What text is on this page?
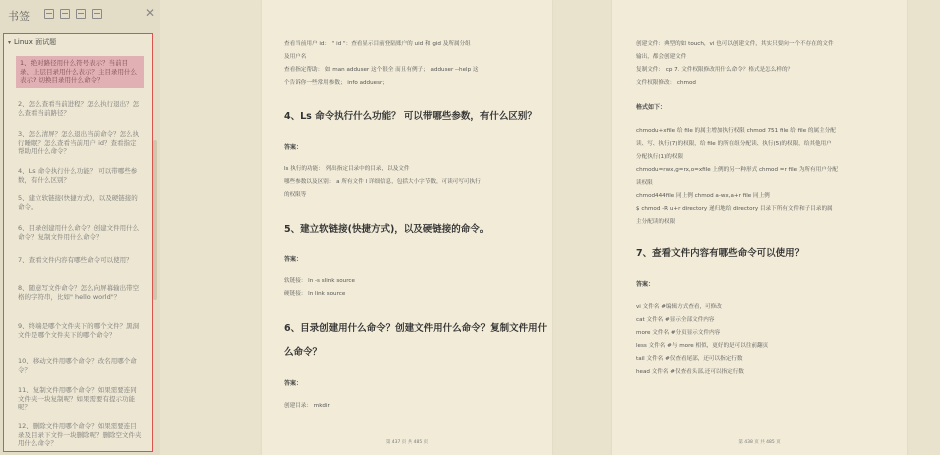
书签	✕
▾ Linux 面试题
1、绝对路径用什么符号表示？当前目录、上层目录用什么表示？主目录用什么表示? 切换目录用什么命令？
2、怎么查看当前进程？怎么执行退出？怎么查看当前路径？
3、怎么清屏？怎么退出当前命令？怎么执行睡眠？怎么查看当前用户 id？查看指定帮助用什么命令？
4、Ls 命令执行什么功能？ 可以带哪些参数，有什么区别？
5、建立软链接(快捷方式)，以及硬链接的命令。
6、目录创建用什么命令？创建文件用什么命令？复制文件用什么命令？
7、查看文件内容有哪些命令可以使用？
8、随意写文件命令？怎么向屏幕输出带空格的字符串，比如" hello world"？
9、终端是哪个文件夹下的哪个文件？黑洞文件是哪个文件夹下的哪个命令？
10、移动文件用哪个命令？改名用哪个命令？
11、复制文件用哪个命令？如果需要连同文件夹一块复制呢？如果需要有提示功能呢？
12、删除文件用哪个命令？如果需要连目录及目录下文件一块删除呢？删除空文件夹用什么命令？
查看当前用户 id： " id "：查看显示目前登陆账户的 uid 和 gid 及所属分组
及用户名
查看指定帮助： 如 man adduser 这个很全 而且有例子； adduser --help 这
个告诉你一些常用参数； info adduesr；
4、Ls 命令执行什么功能？ 可以带哪些参数，有什么区别？
答案：
ls 执行的功能： 列出指定目录中的目录，以及文件
哪些参数以及区别： a 所有文件 l 详细信息，包括大小字节数，可读可写可执行
的权限等
5、建立软链接(快捷方式)，以及硬链接的命令。
答案：
软链接： ln -s slink source
硬链接： ln link source
6、目录创建用什么命令？创建文件用什么命令？复制文件用什
么命令？
答案：
创建目录： mkdir
第 437 页 共 485 页
创建文件：典型的如 touch，vi 也可以创建文件，其实只要向一个不存在的文件
输出，都会创建文件
复制文件： cp 7. 文件权限修改用什么命令？格式是怎么样的？
文件权限修改： chmod
格式如下：
chmodu+xfile 给 file 的属主增加执行权限 chmod 751 file 给 file 的属主分配
读、写、执行(7)的权限，给 file 的所在组分配读、执行(5)的权限，给其他用户
分配执行(1)的权限
chmodu=rwx,g=rx,o=xfile 上例的另一种形式 chmod =r file 为所有用户分配
读权限
chmod444file 同上例 chmod a-wx,a+r file 同上例
$ chmod -R u+r directory 递归地给 directory 目录下所有文件和子目录的属
主分配读的权限
7、查看文件内容有哪些命令可以使用？
答案：
vi 文件名 #编辑方式查看，可修改
cat 文件名 #显示全部文件内容
more 文件名 #分页显示文件内容
less 文件名 #与 more 相似，更好的是可以往前翻页
tail 文件名 #仅查看尾部，还可以指定行数
head 文件名 #仅查看头部,还可以指定行数
第 438 页 共 485 页
